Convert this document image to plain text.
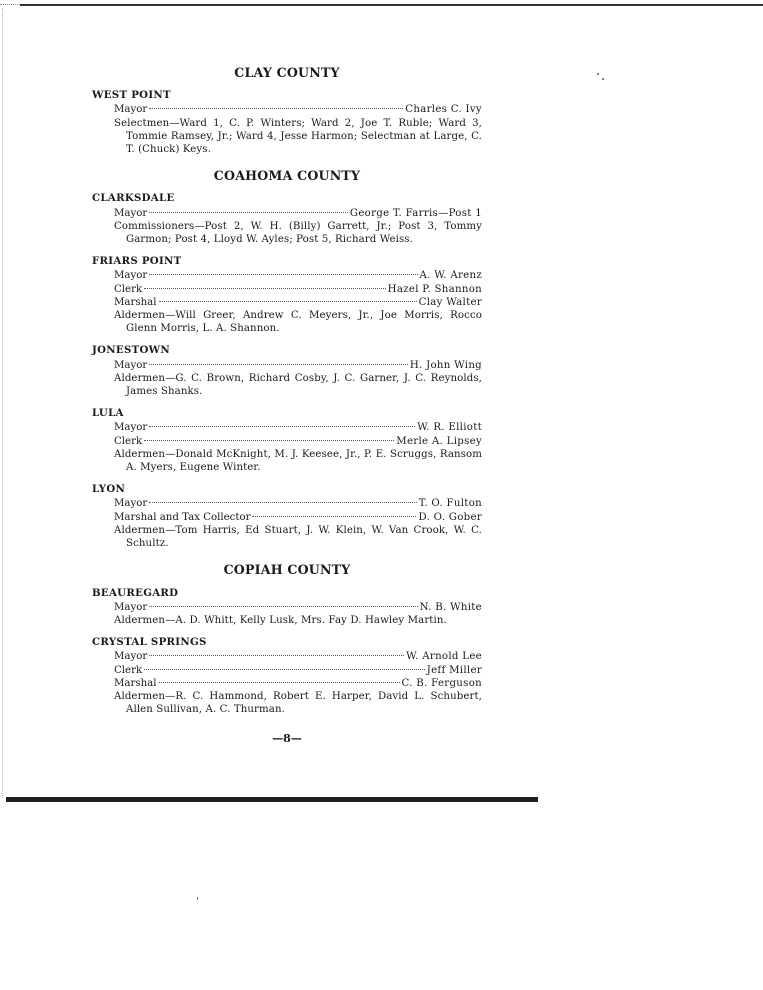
CLAY COUNTY
WEST POINT
Mayor	Charles C. Ivy
Selectmen—Ward 1, C. P. Winters; Ward 2, Joe T. Ruble; Ward 3, Tommie Ramsey, Jr.; Ward 4, Jesse Harmon; Selectman at Large, C. T. (Chuck) Keys.
COAHOMA COUNTY
CLARKSDALE
Mayor	George T. Farris—Post 1
Commissioners—Post 2, W. H. (Billy) Garrett, Jr.; Post 3, Tommy Garmon; Post 4, Lloyd W. Ayles; Post 5, Richard Weiss.
FRIARS POINT
Mayor	A. W. Arenz
Clerk	Hazel P. Shannon
Marshal	Clay Walter
Aldermen—Will Greer, Andrew C. Meyers, Jr., Joe Morris, Rocco Glenn Morris, L. A. Shannon.
JONESTOWN
Mayor	H. John Wing
Aldermen—G. C. Brown, Richard Cosby, J. C. Garner, J. C. Reynolds, James Shanks.
LULA
Mayor	W. R. Elliott
Clerk	Merle A. Lipsey
Aldermen—Donald McKnight, M. J. Keesee, Jr., P. E. Scruggs, Ransom A. Myers, Eugene Winter.
LYON
Mayor	T. O. Fulton
Marshal and Tax Collector	D. O. Gober
Aldermen—Tom Harris, Ed Stuart, J. W. Klein, W. Van Crook, W. C. Schultz.
COPIAH COUNTY
BEAUREGARD
Mayor	N. B. White
Aldermen—A. D. Whitt, Kelly Lusk, Mrs. Fay D. Hawley Martin.
CRYSTAL SPRINGS
Mayor	W. Arnold Lee
Clerk	Jeff Miller
Marshal	C. B. Ferguson
Aldermen—R. C. Hammond, Robert E. Harper, David L. Schubert, Allen Sullivan, A. C. Thurman.
—8—
